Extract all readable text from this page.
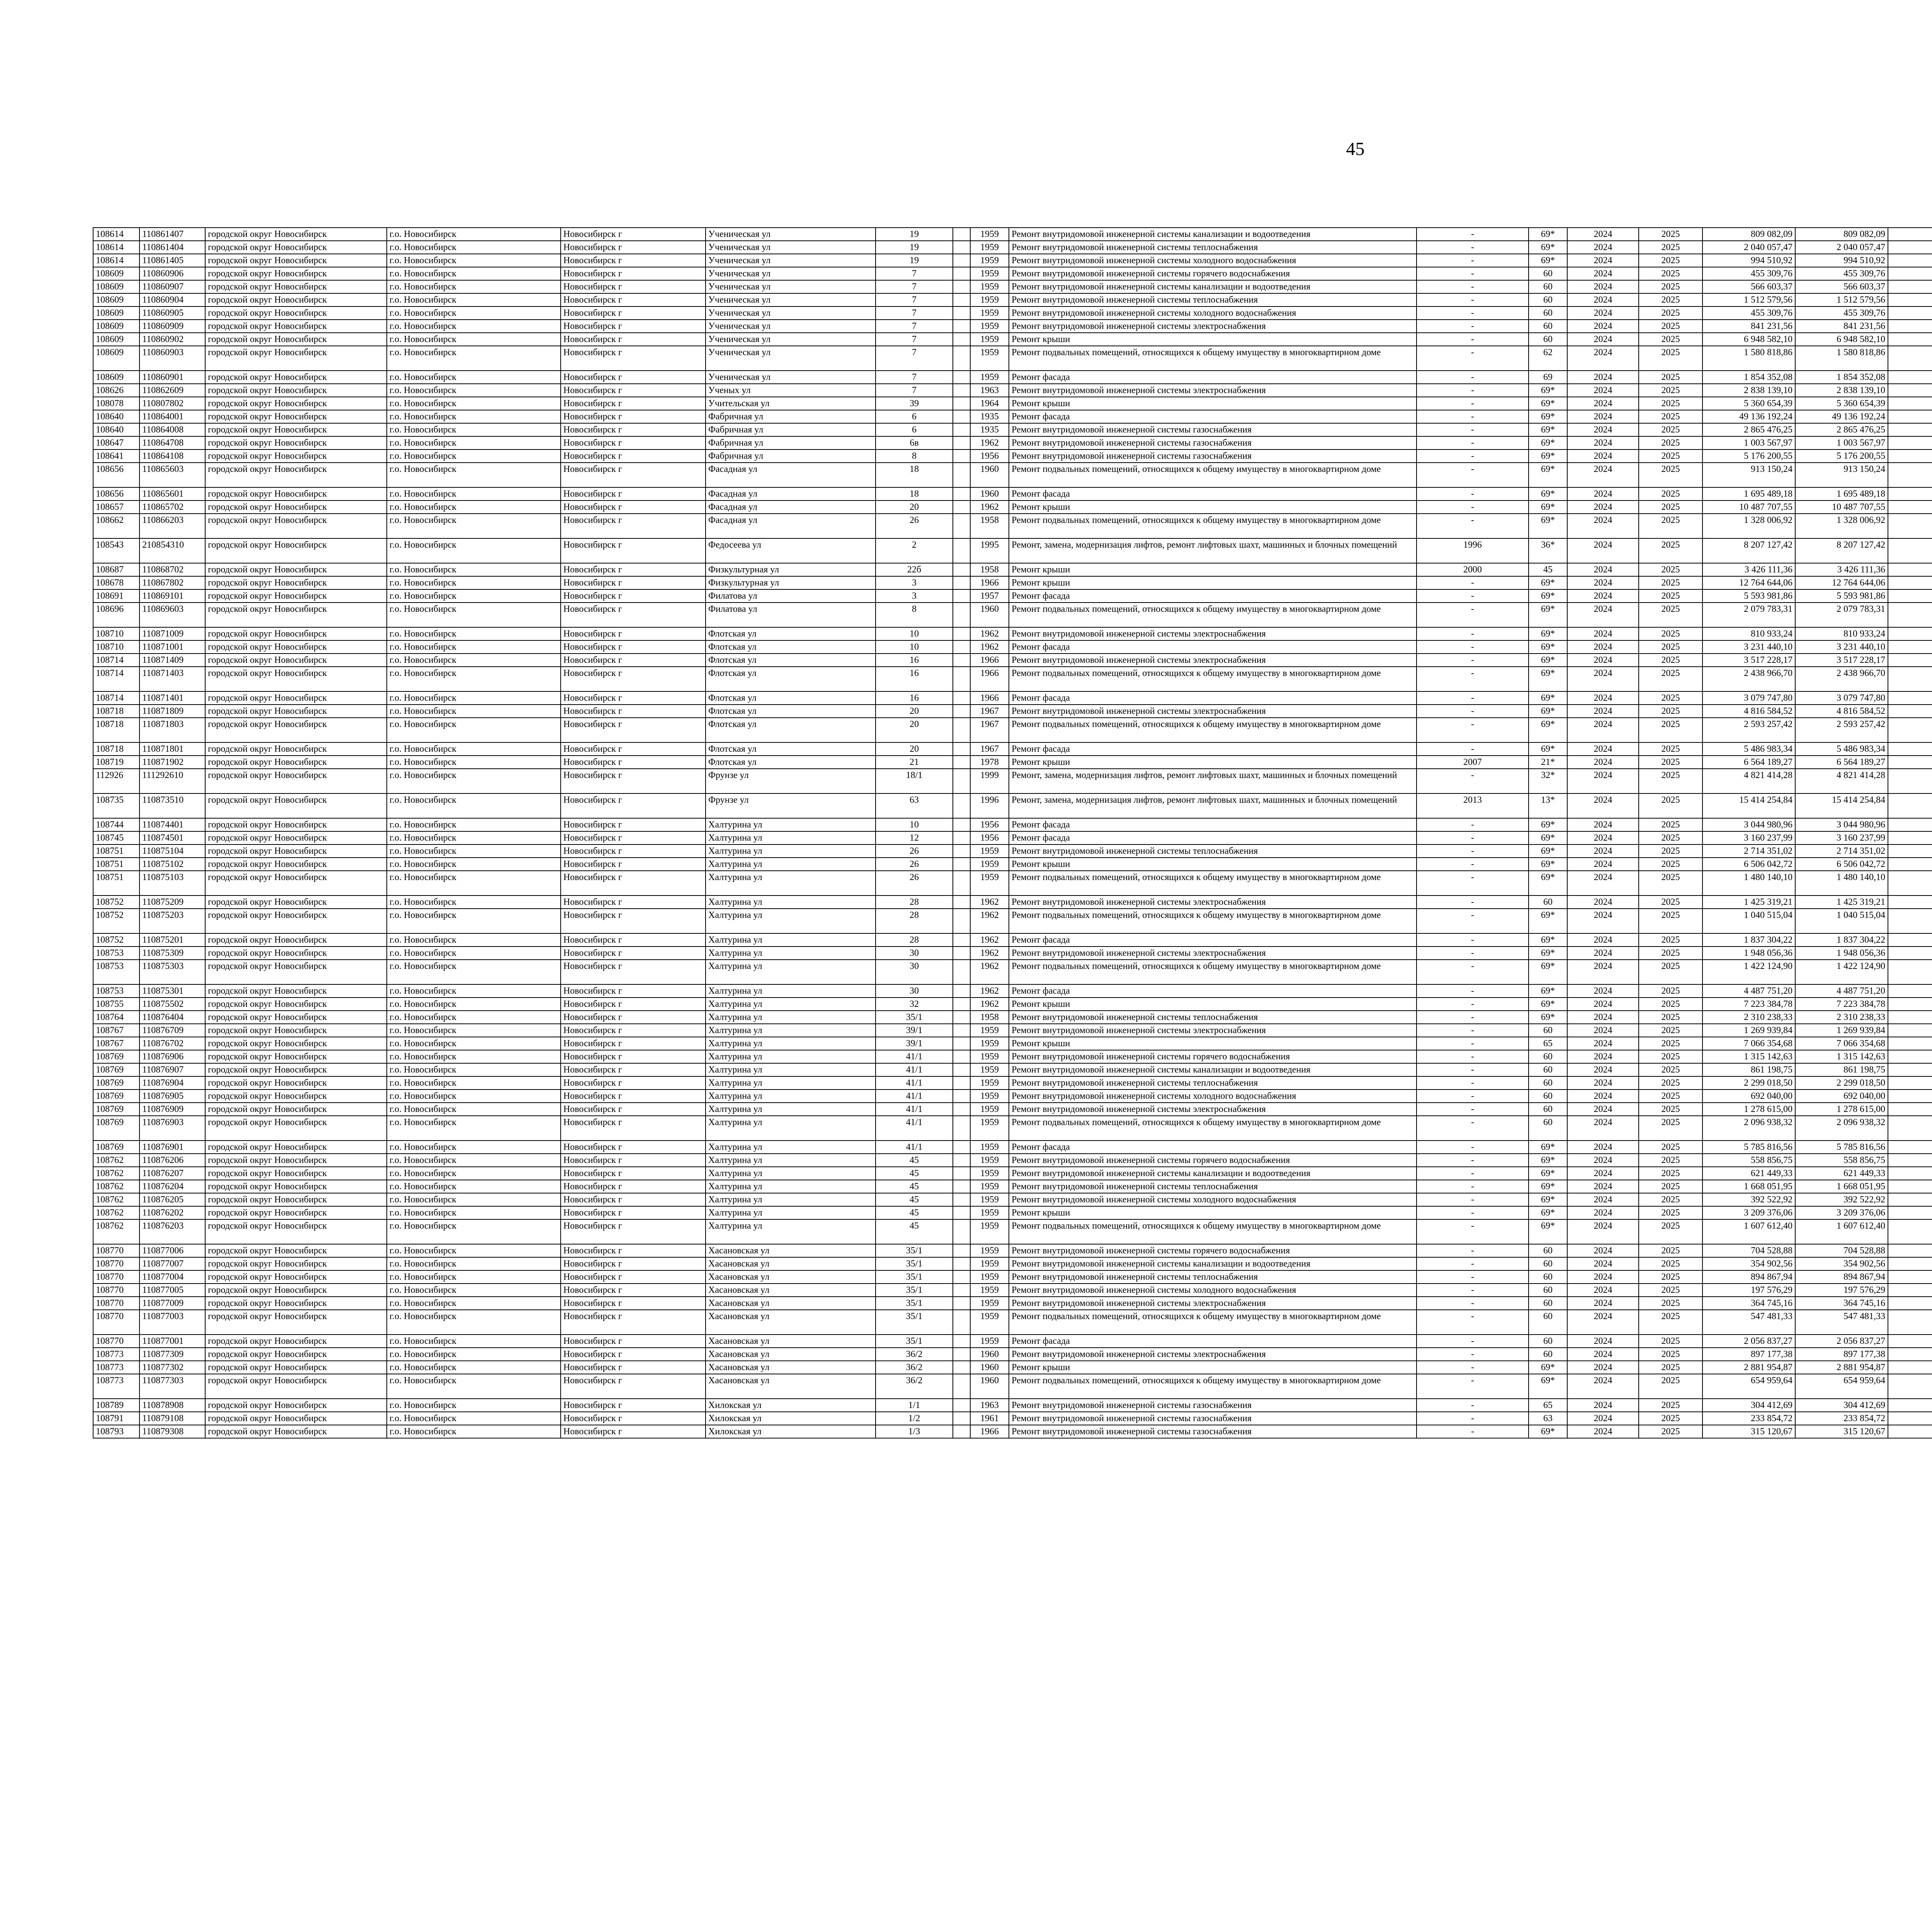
45
108614	110861407	городской округ Новосибирск	г.о. Новосибирск	Новосибирск г	Ученическая ул	19		1959	Ремонт внутридомовой инженерной системы канализации и водоотведения	-	69*	2024	2025	809 082,09	809 082,09							
108614	110861404	городской округ Новосибирск	г.о. Новосибирск	Новосибирск г	Ученическая ул	19		1959	Ремонт внутридомовой инженерной системы теплоснабжения	-	69*	2024	2025	2 040 057,47	2 040 057,47							
108614	110861405	городской округ Новосибирск	г.о. Новосибирск	Новосибирск г	Ученическая ул	19		1959	Ремонт внутридомовой инженерной системы холодного водоснабжения	-	69*	2024	2025	994 510,92	994 510,92							
108609	110860906	городской округ Новосибирск	г.о. Новосибирск	Новосибирск г	Ученическая ул	7		1959	Ремонт внутридомовой инженерной системы горячего водоснабжения	-	60	2024	2025	455 309,76	455 309,76							
108609	110860907	городской округ Новосибирск	г.о. Новосибирск	Новосибирск г	Ученическая ул	7		1959	Ремонт внутридомовой инженерной системы канализации и водоотведения	-	60	2024	2025	566 603,37	566 603,37							
108609	110860904	городской округ Новосибирск	г.о. Новосибирск	Новосибирск г	Ученическая ул	7		1959	Ремонт внутридомовой инженерной системы теплоснабжения	-	60	2024	2025	1 512 579,56	1 512 579,56							
108609	110860905	городской округ Новосибирск	г.о. Новосибирск	Новосибирск г	Ученическая ул	7		1959	Ремонт внутридомовой инженерной системы холодного водоснабжения	-	60	2024	2025	455 309,76	455 309,76							
108609	110860909	городской округ Новосибирск	г.о. Новосибирск	Новосибирск г	Ученическая ул	7		1959	Ремонт внутридомовой инженерной системы электроснабжения	-	60	2024	2025	841 231,56	841 231,56							
108609	110860902	городской округ Новосибирск	г.о. Новосибирск	Новосибирск г	Ученическая ул	7		1959	Ремонт крыши	-	60	2024	2025	6 948 582,10	6 948 582,10							
108609	110860903	городской округ Новосибирск	г.о. Новосибирск	Новосибирск г	Ученическая ул	7		1959	Ремонт подвальных помещений, относящихся к общему имуществу в многоквартирном доме	-	62	2024	2025	1 580 818,86	1 580 818,86							
108609	110860901	городской округ Новосибирск	г.о. Новосибирск	Новосибирск г	Ученическая ул	7		1959	Ремонт фасада	-	69	2024	2025	1 854 352,08	1 854 352,08							
108626	110862609	городской округ Новосибирск	г.о. Новосибирск	Новосибирск г	Ученых ул	7		1963	Ремонт внутридомовой инженерной системы электроснабжения	-	69*	2024	2025	2 838 139,10	2 838 139,10							
108078	110807802	городской округ Новосибирск	г.о. Новосибирск	Новосибирск г	Учительская ул	39		1964	Ремонт крыши	-	69*	2024	2025	5 360 654,39	5 360 654,39							
108640	110864001	городской округ Новосибирск	г.о. Новосибирск	Новосибирск г	Фабричная ул	6		1935	Ремонт фасада	-	69*	2024	2025	49 136 192,24	49 136 192,24							
108640	110864008	городской округ Новосибирск	г.о. Новосибирск	Новосибирск г	Фабричная ул	6		1935	Ремонт внутридомовой инженерной системы газоснабжения	-	69*	2024	2025	2 865 476,25	2 865 476,25							
108647	110864708	городской округ Новосибирск	г.о. Новосибирск	Новосибирск г	Фабричная ул	6в		1962	Ремонт внутридомовой инженерной системы газоснабжения	-	69*	2024	2025	1 003 567,97	1 003 567,97							
108641	110864108	городской округ Новосибирск	г.о. Новосибирск	Новосибирск г	Фабричная ул	8		1956	Ремонт внутридомовой инженерной системы газоснабжения	-	69*	2024	2025	5 176 200,55	5 176 200,55							
108656	110865603	городской округ Новосибирск	г.о. Новосибирск	Новосибирск г	Фасадная ул	18		1960	Ремонт подвальных помещений, относящихся к общему имуществу в многоквартирном доме	-	69*	2024	2025	913 150,24	913 150,24							
108656	110865601	городской округ Новосибирск	г.о. Новосибирск	Новосибирск г	Фасадная ул	18		1960	Ремонт фасада	-	69*	2024	2025	1 695 489,18	1 695 489,18							
108657	110865702	городской округ Новосибирск	г.о. Новосибирск	Новосибирск г	Фасадная ул	20		1962	Ремонт крыши	-	69*	2024	2025	10 487 707,55	10 487 707,55							
108662	110866203	городской округ Новосибирск	г.о. Новосибирск	Новосибирск г	Фасадная ул	26		1958	Ремонт подвальных помещений, относящихся к общему имуществу в многоквартирном доме	-	69*	2024	2025	1 328 006,92	1 328 006,92							
108543	210854310	городской округ Новосибирск	г.о. Новосибирск	Новосибирск г	Федосеева ул	2		1995	Ремонт, замена, модернизация лифтов, ремонт лифтовых шахт, машинных и блочных помещений	1996	36*	2024	2025	8 207 127,42	8 207 127,42							
108687	110868702	городской округ Новосибирск	г.о. Новосибирск	Новосибирск г	Физкультурная ул	22б		1958	Ремонт крыши	2000	45	2024	2025	3 426 111,36	3 426 111,36							
108678	110867802	городской округ Новосибирск	г.о. Новосибирск	Новосибирск г	Физкультурная ул	3		1966	Ремонт крыши	-	69*	2024	2025	12 764 644,06	12 764 644,06							
108691	110869101	городской округ Новосибирск	г.о. Новосибирск	Новосибирск г	Филатова ул	3		1957	Ремонт фасада	-	69*	2024	2025	5 593 981,86	5 593 981,86							
108696	110869603	городской округ Новосибирск	г.о. Новосибирск	Новосибирск г	Филатова ул	8		1960	Ремонт подвальных помещений, относящихся к общему имуществу в многоквартирном доме	-	69*	2024	2025	2 079 783,31	2 079 783,31							
108710	110871009	городской округ Новосибирск	г.о. Новосибирск	Новосибирск г	Флотская ул	10		1962	Ремонт внутридомовой инженерной системы электроснабжения	-	69*	2024	2025	810 933,24	810 933,24							
108710	110871001	городской округ Новосибирск	г.о. Новосибирск	Новосибирск г	Флотская ул	10		1962	Ремонт фасада	-	69*	2024	2025	3 231 440,10	3 231 440,10							
108714	110871409	городской округ Новосибирск	г.о. Новосибирск	Новосибирск г	Флотская ул	16		1966	Ремонт внутридомовой инженерной системы электроснабжения	-	69*	2024	2025	3 517 228,17	3 517 228,17							
108714	110871403	городской округ Новосибирск	г.о. Новосибирск	Новосибирск г	Флотская ул	16		1966	Ремонт подвальных помещений, относящихся к общему имуществу в многоквартирном доме	-	69*	2024	2025	2 438 966,70	2 438 966,70							
108714	110871401	городской округ Новосибирск	г.о. Новосибирск	Новосибирск г	Флотская ул	16		1966	Ремонт фасада	-	69*	2024	2025	3 079 747,80	3 079 747,80							
108718	110871809	городской округ Новосибирск	г.о. Новосибирск	Новосибирск г	Флотская ул	20		1967	Ремонт внутридомовой инженерной системы электроснабжения	-	69*	2024	2025	4 816 584,52	4 816 584,52							
108718	110871803	городской округ Новосибирск	г.о. Новосибирск	Новосибирск г	Флотская ул	20		1967	Ремонт подвальных помещений, относящихся к общему имуществу в многоквартирном доме	-	69*	2024	2025	2 593 257,42	2 593 257,42							
108718	110871801	городской округ Новосибирск	г.о. Новосибирск	Новосибирск г	Флотская ул	20		1967	Ремонт фасада	-	69*	2024	2025	5 486 983,34	5 486 983,34							
108719	110871902	городской округ Новосибирск	г.о. Новосибирск	Новосибирск г	Флотская ул	21		1978	Ремонт крыши	2007	21*	2024	2025	6 564 189,27	6 564 189,27							
112926	111292610	городской округ Новосибирск	г.о. Новосибирск	Новосибирск г	Фрунзе ул	18/1		1999	Ремонт, замена, модернизация лифтов, ремонт лифтовых шахт, машинных и блочных помещений	-	32*	2024	2025	4 821 414,28	4 821 414,28							
108735	110873510	городской округ Новосибирск	г.о. Новосибирск	Новосибирск г	Фрунзе ул	63		1996	Ремонт, замена, модернизация лифтов, ремонт лифтовых шахт, машинных и блочных помещений	2013	13*	2024	2025	15 414 254,84	15 414 254,84							
108744	110874401	городской округ Новосибирск	г.о. Новосибирск	Новосибирск г	Халтурина ул	10		1956	Ремонт фасада	-	69*	2024	2025	3 044 980,96	3 044 980,96							
108745	110874501	городской округ Новосибирск	г.о. Новосибирск	Новосибирск г	Халтурина ул	12		1956	Ремонт фасада	-	69*	2024	2025	3 160 237,99	3 160 237,99							
108751	110875104	городской округ Новосибирск	г.о. Новосибирск	Новосибирск г	Халтурина ул	26		1959	Ремонт внутридомовой инженерной системы теплоснабжения	-	69*	2024	2025	2 714 351,02	2 714 351,02							
108751	110875102	городской округ Новосибирск	г.о. Новосибирск	Новосибирск г	Халтурина ул	26		1959	Ремонт крыши	-	69*	2024	2025	6 506 042,72	6 506 042,72							
108751	110875103	городской округ Новосибирск	г.о. Новосибирск	Новосибирск г	Халтурина ул	26		1959	Ремонт подвальных помещений, относящихся к общему имуществу в многоквартирном доме	-	69*	2024	2025	1 480 140,10	1 480 140,10							
108752	110875209	городской округ Новосибирск	г.о. Новосибирск	Новосибирск г	Халтурина ул	28		1962	Ремонт внутридомовой инженерной системы электроснабжения	-	60	2024	2025	1 425 319,21	1 425 319,21							
108752	110875203	городской округ Новосибирск	г.о. Новосибирск	Новосибирск г	Халтурина ул	28		1962	Ремонт подвальных помещений, относящихся к общему имуществу в многоквартирном доме	-	69*	2024	2025	1 040 515,04	1 040 515,04							
108752	110875201	городской округ Новосибирск	г.о. Новосибирск	Новосибирск г	Халтурина ул	28		1962	Ремонт фасада	-	69*	2024	2025	1 837 304,22	1 837 304,22							
108753	110875309	городской округ Новосибирск	г.о. Новосибирск	Новосибирск г	Халтурина ул	30		1962	Ремонт внутридомовой инженерной системы электроснабжения	-	69*	2024	2025	1 948 056,36	1 948 056,36							
108753	110875303	городской округ Новосибирск	г.о. Новосибирск	Новосибирск г	Халтурина ул	30		1962	Ремонт подвальных помещений, относящихся к общему имуществу в многоквартирном доме	-	69*	2024	2025	1 422 124,90	1 422 124,90							
108753	110875301	городской округ Новосибирск	г.о. Новосибирск	Новосибирск г	Халтурина ул	30		1962	Ремонт фасада	-	69*	2024	2025	4 487 751,20	4 487 751,20							
108755	110875502	городской округ Новосибирск	г.о. Новосибирск	Новосибирск г	Халтурина ул	32		1962	Ремонт крыши	-	69*	2024	2025	7 223 384,78	7 223 384,78							
108764	110876404	городской округ Новосибирск	г.о. Новосибирск	Новосибирск г	Халтурина ул	35/1		1958	Ремонт внутридомовой инженерной системы теплоснабжения	-	69*	2024	2025	2 310 238,33	2 310 238,33							
108767	110876709	городской округ Новосибирск	г.о. Новосибирск	Новосибирск г	Халтурина ул	39/1		1959	Ремонт внутридомовой инженерной системы электроснабжения	-	60	2024	2025	1 269 939,84	1 269 939,84							
108767	110876702	городской округ Новосибирск	г.о. Новосибирск	Новосибирск г	Халтурина ул	39/1		1959	Ремонт крыши	-	65	2024	2025	7 066 354,68	7 066 354,68							
108769	110876906	городской округ Новосибирск	г.о. Новосибирск	Новосибирск г	Халтурина ул	41/1		1959	Ремонт внутридомовой инженерной системы горячего водоснабжения	-	60	2024	2025	1 315 142,63	1 315 142,63							
108769	110876907	городской округ Новосибирск	г.о. Новосибирск	Новосибирск г	Халтурина ул	41/1		1959	Ремонт внутридомовой инженерной системы канализации и водоотведения	-	60	2024	2025	861 198,75	861 198,75							
108769	110876904	городской округ Новосибирск	г.о. Новосибирск	Новосибирск г	Халтурина ул	41/1		1959	Ремонт внутридомовой инженерной системы теплоснабжения	-	60	2024	2025	2 299 018,50	2 299 018,50							
108769	110876905	городской округ Новосибирск	г.о. Новосибирск	Новосибирск г	Халтурина ул	41/1		1959	Ремонт внутридомовой инженерной системы холодного водоснабжения	-	60	2024	2025	692 040,00	692 040,00							
108769	110876909	городской округ Новосибирск	г.о. Новосибирск	Новосибирск г	Халтурина ул	41/1		1959	Ремонт внутридомовой инженерной системы электроснабжения	-	60	2024	2025	1 278 615,00	1 278 615,00							
108769	110876903	городской округ Новосибирск	г.о. Новосибирск	Новосибирск г	Халтурина ул	41/1		1959	Ремонт подвальных помещений, относящихся к общему имуществу в многоквартирном доме	-	60	2024	2025	2 096 938,32	2 096 938,32							
108769	110876901	городской округ Новосибирск	г.о. Новосибирск	Новосибирск г	Халтурина ул	41/1		1959	Ремонт фасада	-	69*	2024	2025	5 785 816,56	5 785 816,56							
108762	110876206	городской округ Новосибирск	г.о. Новосибирск	Новосибирск г	Халтурина ул	45		1959	Ремонт внутридомовой инженерной системы горячего водоснабжения	-	69*	2024	2025	558 856,75	558 856,75							
108762	110876207	городской округ Новосибирск	г.о. Новосибирск	Новосибирск г	Халтурина ул	45		1959	Ремонт внутридомовой инженерной системы канализации и водоотведения	-	69*	2024	2025	621 449,33	621 449,33							
108762	110876204	городской округ Новосибирск	г.о. Новосибирск	Новосибирск г	Халтурина ул	45		1959	Ремонт внутридомовой инженерной системы теплоснабжения	-	69*	2024	2025	1 668 051,95	1 668 051,95							
108762	110876205	городской округ Новосибирск	г.о. Новосибирск	Новосибирск г	Халтурина ул	45		1959	Ремонт внутридомовой инженерной системы холодного водоснабжения	-	69*	2024	2025	392 522,92	392 522,92							
108762	110876202	городской округ Новосибирск	г.о. Новосибирск	Новосибирск г	Халтурина ул	45		1959	Ремонт крыши	-	69*	2024	2025	3 209 376,06	3 209 376,06							
108762	110876203	городской округ Новосибирск	г.о. Новосибирск	Новосибирск г	Халтурина ул	45		1959	Ремонт подвальных помещений, относящихся к общему имуществу в многоквартирном доме	-	69*	2024	2025	1 607 612,40	1 607 612,40							
108770	110877006	городской округ Новосибирск	г.о. Новосибирск	Новосибирск г	Хасановская ул	35/1		1959	Ремонт внутридомовой инженерной системы горячего водоснабжения	-	60	2024	2025	704 528,88	704 528,88							
108770	110877007	городской округ Новосибирск	г.о. Новосибирск	Новосибирск г	Хасановская ул	35/1		1959	Ремонт внутридомовой инженерной системы канализации и водоотведения	-	60	2024	2025	354 902,56	354 902,56							
108770	110877004	городской округ Новосибирск	г.о. Новосибирск	Новосибирск г	Хасановская ул	35/1		1959	Ремонт внутридомовой инженерной системы теплоснабжения	-	60	2024	2025	894 867,94	894 867,94							
108770	110877005	городской округ Новосибирск	г.о. Новосибирск	Новосибирск г	Хасановская ул	35/1		1959	Ремонт внутридомовой инженерной системы холодного водоснабжения	-	60	2024	2025	197 576,29	197 576,29							
108770	110877009	городской округ Новосибирск	г.о. Новосибирск	Новосибирск г	Хасановская ул	35/1		1959	Ремонт внутридомовой инженерной системы электроснабжения	-	60	2024	2025	364 745,16	364 745,16							
108770	110877003	городской округ Новосибирск	г.о. Новосибирск	Новосибирск г	Хасановская ул	35/1		1959	Ремонт подвальных помещений, относящихся к общему имуществу в многоквартирном доме	-	60	2024	2025	547 481,33	547 481,33							
108770	110877001	городской округ Новосибирск	г.о. Новосибирск	Новосибирск г	Хасановская ул	35/1		1959	Ремонт фасада	-	60	2024	2025	2 056 837,27	2 056 837,27							
108773	110877309	городской округ Новосибирск	г.о. Новосибирск	Новосибирск г	Хасановская ул	36/2		1960	Ремонт внутридомовой инженерной системы электроснабжения	-	60	2024	2025	897 177,38	897 177,38							
108773	110877302	городской округ Новосибирск	г.о. Новосибирск	Новосибирск г	Хасановская ул	36/2		1960	Ремонт крыши	-	69*	2024	2025	2 881 954,87	2 881 954,87							
108773	110877303	городской округ Новосибирск	г.о. Новосибирск	Новосибирск г	Хасановская ул	36/2		1960	Ремонт подвальных помещений, относящихся к общему имуществу в многоквартирном доме	-	69*	2024	2025	654 959,64	654 959,64							
108789	110878908	городской округ Новосибирск	г.о. Новосибирск	Новосибирск г	Хилокская ул	1/1		1963	Ремонт внутридомовой инженерной системы газоснабжения	-	65	2024	2025	304 412,69	304 412,69							
108791	110879108	городской округ Новосибирск	г.о. Новосибирск	Новосибирск г	Хилокская ул	1/2		1961	Ремонт внутридомовой инженерной системы газоснабжения	-	63	2024	2025	233 854,72	233 854,72							
108793	110879308	городской округ Новосибирск	г.о. Новосибирск	Новосибирск г	Хилокская ул	1/3		1966	Ремонт внутридомовой инженерной системы газоснабжения	-	69*	2024	2025	315 120,67	315 120,67							
